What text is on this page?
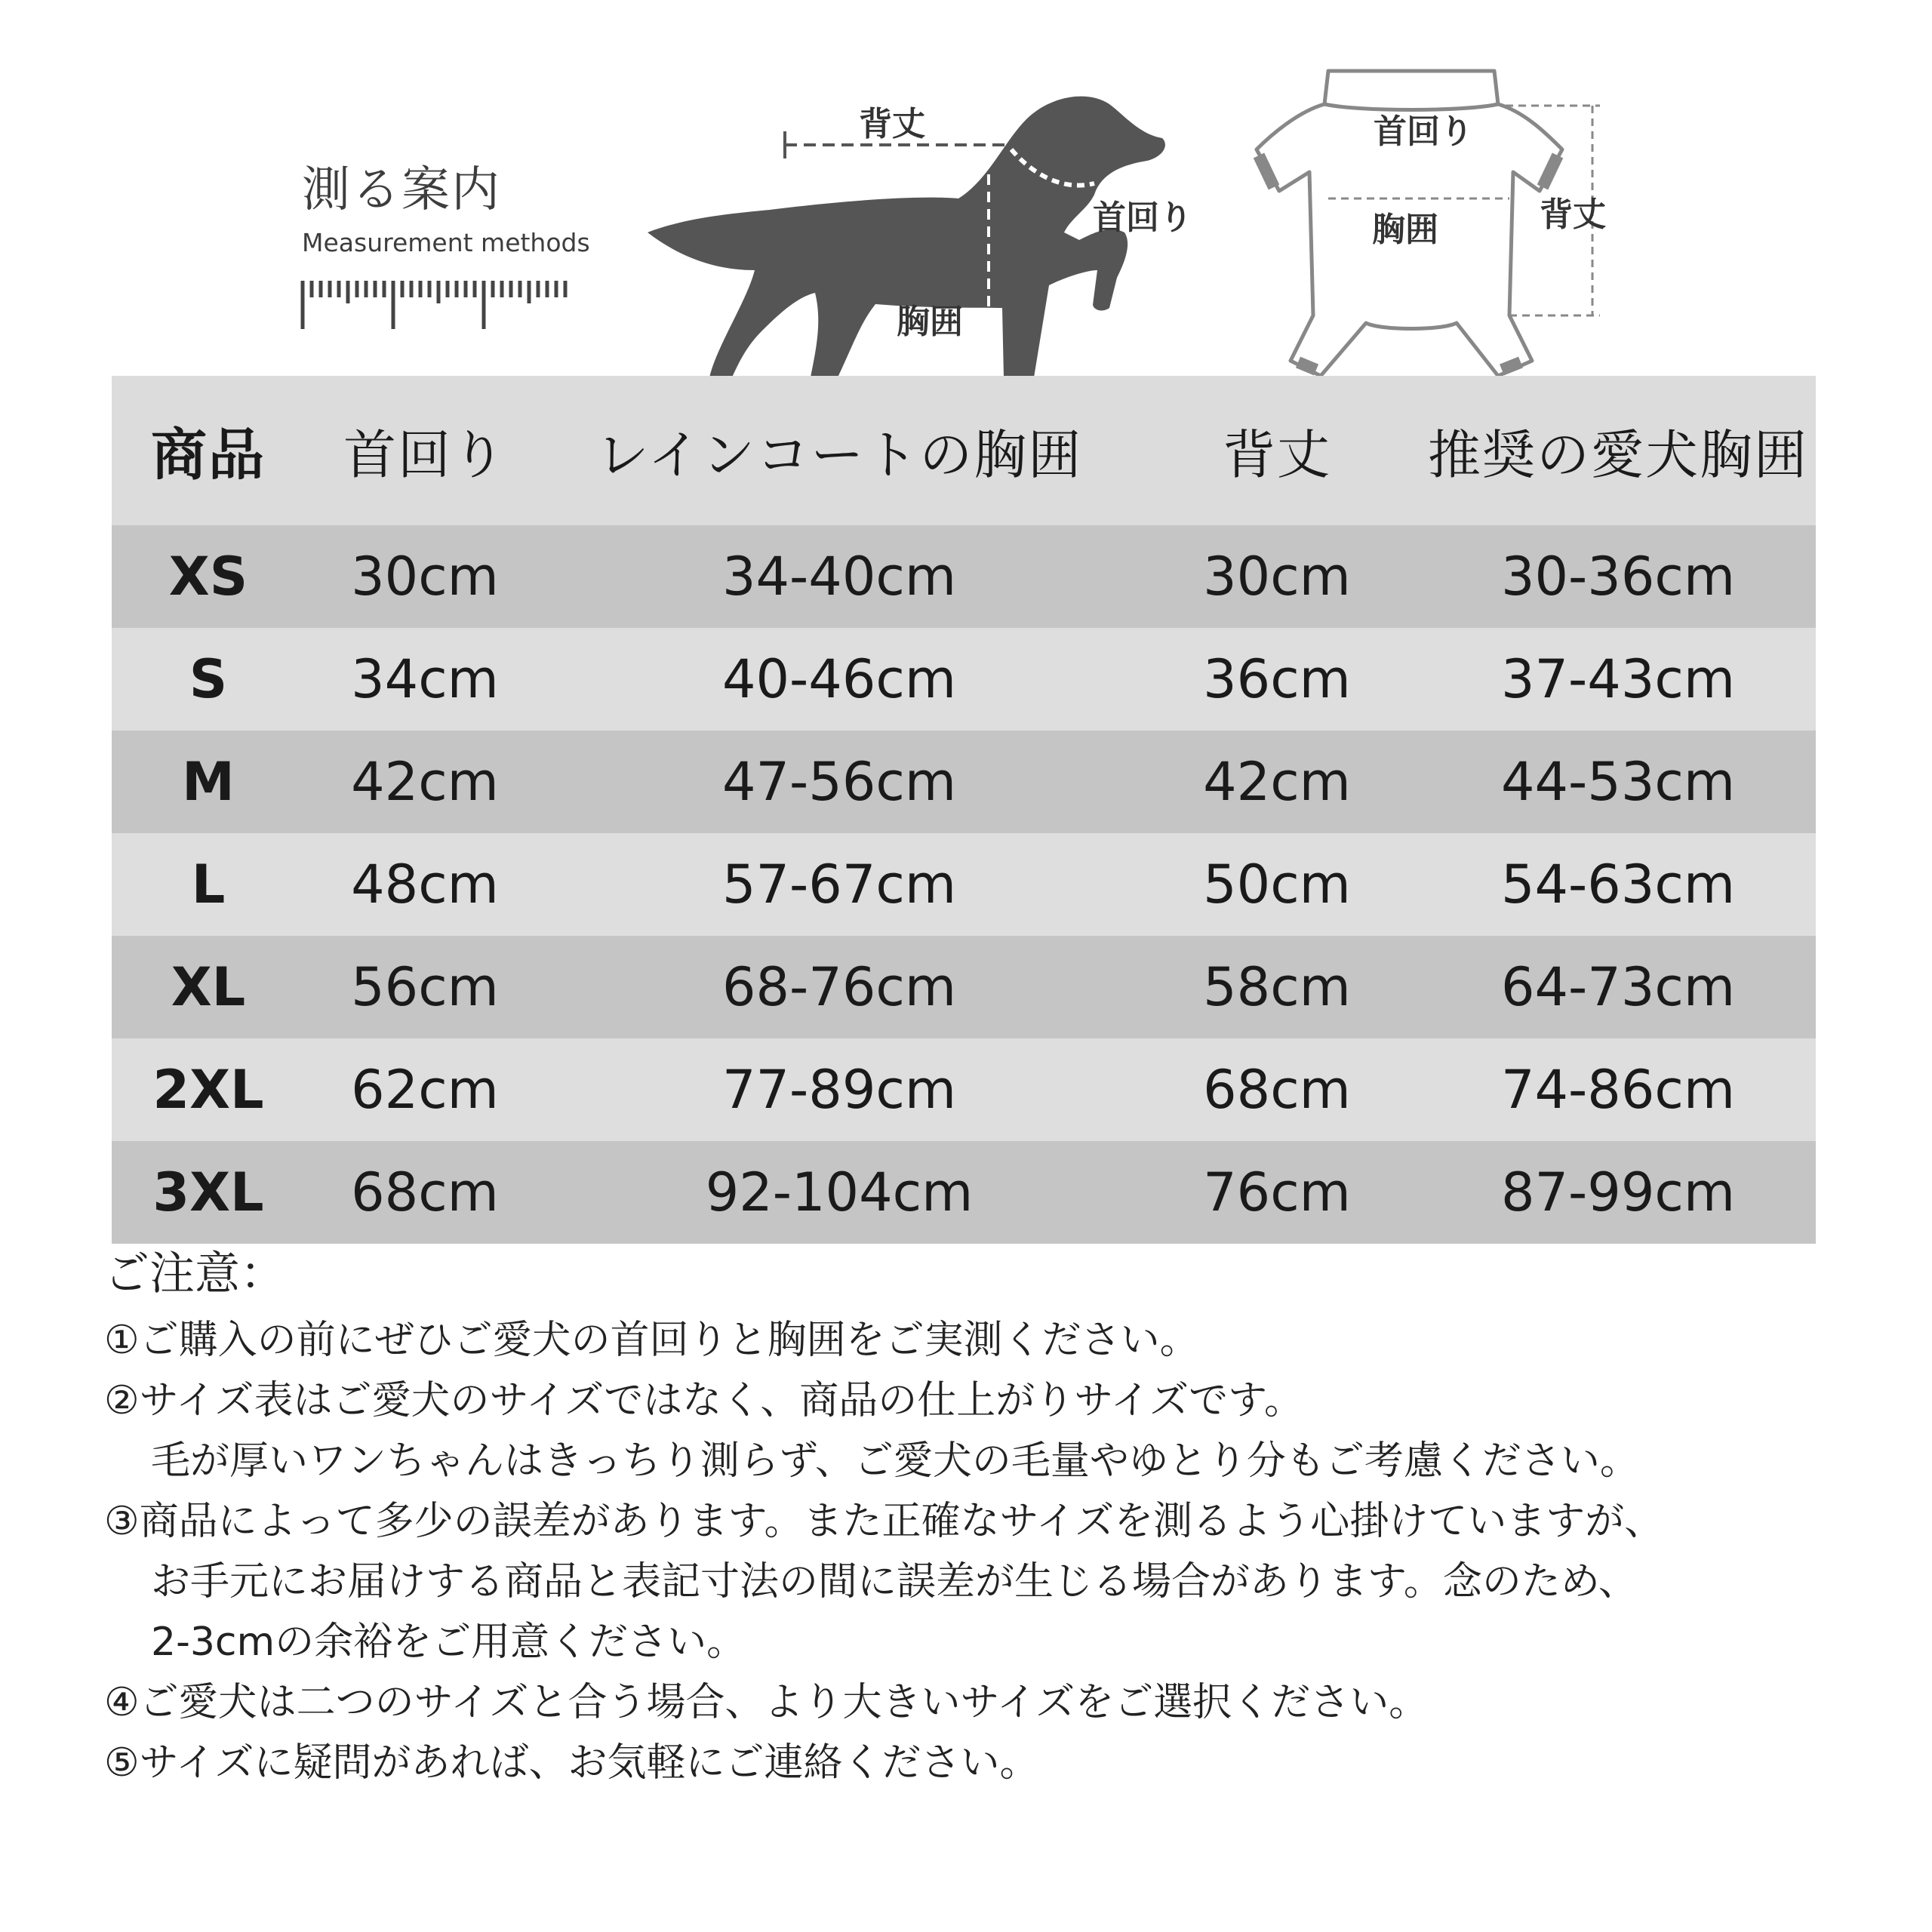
測る案内
Measurement methods
背丈
首回り
胸囲
首回り
背丈
胸囲
商品	首回り	レインコートの胸囲	背丈	推奨の愛犬胸囲
XS	30cm	34-40cm	30cm	30-36cm
S	34cm	40-46cm	36cm	37-43cm
M	42cm	47-56cm	42cm	44-53cm
L	48cm	57-67cm	50cm	54-63cm
XL	56cm	68-76cm	58cm	64-73cm
2XL	62cm	77-89cm	68cm	74-86cm
3XL	68cm	92-104cm	76cm	87-99cm
ご注意：
①ご購入の前にぜひご愛犬の首回りと胸囲をご実測ください。
②サイズ表はご愛犬のサイズではなく、商品の仕上がりサイズです。
毛が厚いワンちゃんはきっちり測らず、ご愛犬の毛量やゆとり分もご考慮ください。
③商品によって多少の誤差があります。また正確なサイズを測るよう心掛けていますが、
お手元にお届けする商品と表記寸法の間に誤差が生じる場合があります。念のため、
2-3cmの余裕をご用意ください。
④ご愛犬は二つのサイズと合う場合、より大きいサイズをご選択ください。
⑤サイズに疑問があれば、お気軽にご連絡ください。
